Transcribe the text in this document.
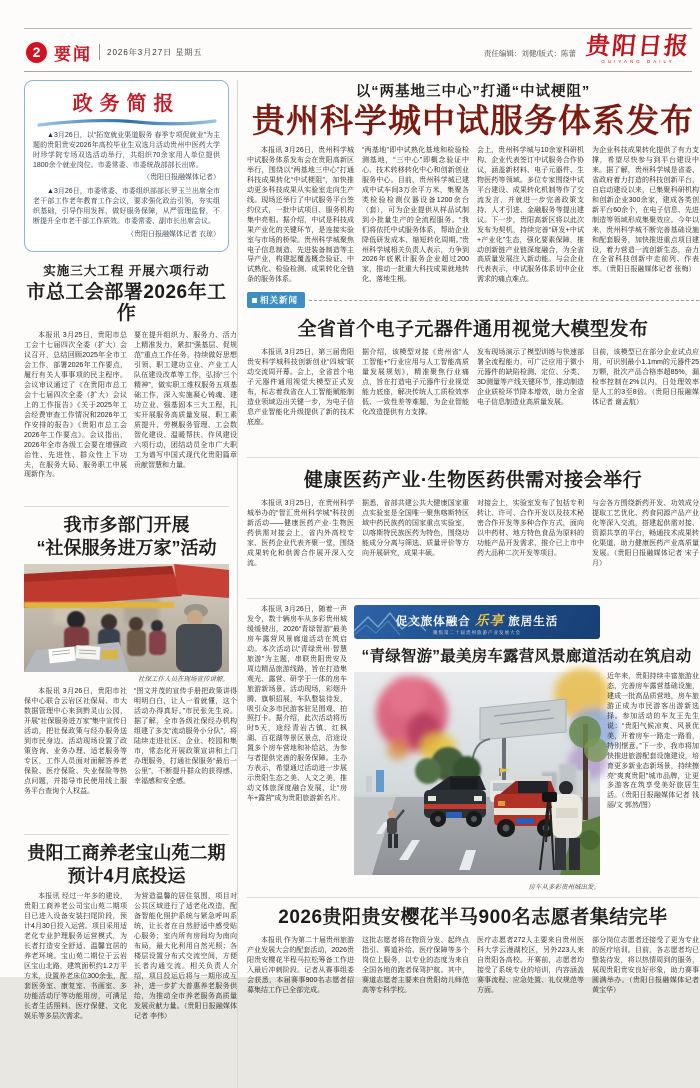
2 要闻 2026年3月27日 星期五	责任编辑：刘健/版式：陈蕾 贵阳日报
GUIYANG DAILY
政务简报
▲3月26日，以“拓宽就业渠道服务 春季专项促就业”为主题的贵阳贵安2026年高校毕业生双选月活动贵州中医药大学时珍学院专场双选活动举行，共组织70余家用人单位提供1800余个就业岗位。市委常委、市委统战部部长出席。
（贵阳日报融媒体记者）
▲3月26日，市委常委、市委组织部部长罗玉兰出席全市老干部工作老年教育工作会议，要求强化政治引领，夯实组织基础，引导作用发挥，做好服务保障，从严管理监督，不断提升全市老干部工作质效。市委常委、副市长出席会议。
（贵阳日报融媒体记者 衣琼）
实施三大工程 开展六项行动
市总工会部署2026年工作
本报讯 3月25日，贵阳市总工会十七届四次全委（扩大）会议召开，总结回顾2025年全市工会工作，部署2026年工作要点，履行有关人事事项的民主程序。会议审议通过了《在贵阳市总工会十七届四次全委（扩大）会议上的工作报告》《关于2025年工会经费审查工作情况和2026年工作安排的报告》《贵阳市总工会2026年工作要点》。会议指出，2026年全市各级工会要在增强政治性、先进性、群众性上下功夫，在服务大局、服务职工中展现新作为。
要在提升组织力、服务力、活力上精准发力，紧扣“强基层、促规范”重点工作任务，持续做好思想引领、职工建功立业、产业工人队伍建设改革等工作，弘扬“三个精神”，做实职工维权服务五项基础工作，深入实施凝心铸魂、建功立业、强基固本三大工程，扎实开展服务高质量发展、职工素质提升、劳模服务管理、工会数智化建设、温暖帮扶、作风建设六项行动，团结动员全市广大职工为谱写中国式现代化贵阳篇章贡献智慧和力量。
我市多部门开展
“社保服务进万家”活动
社保工作人员在现场宣传讲解。
本报讯 3月26日，贵阳市社保中心联合云岩区社保局、市大数据管理中心来到黔灵山公园，开展“社保服务进万家”集中宣传日活动，把社保政策与经办服务送到市民身边。活动现场设置了政策咨询、业务办理、适老服务等专区，工作人员面对面解答养老保险、医疗保险、失业保险等热点问题，并指导市民使用线上服务平台查询个人权益。
“图文并茂的宣传手册把政策讲得明明白白，让人一看就懂，这个活动办得真好。”市民张先生说。据了解，全市各级社保经办机构组建了多支“流动服务小分队”，将陆续走进社区、企业、校园和集市，常态化开展政策宣讲和上门办理服务，打通社保服务“最后一公里”，不断提升群众的获得感、幸福感和安全感。
贵阳工商养老宝山苑二期
预计4月底投运
本报讯 经过一年多的建设，贵阳工商养老公司宝山苑二期项目已进入设备安装扫尾阶段，预计4月30日投入运营。项目采用适老化专业护理服务运营模式，为长者打造安全舒适、温馨宜居的养老环境。宝山苑二期位于云岩区宝山北路，建筑面积约1.2万平方米，设置养老床位300余张，配套医务室、康复室、书画室、多功能活动厅等功能用房，可满足长者生活照料、医疗保健、文化娱乐等多层次需求。
为营造温馨的居住氛围，项目对公共区域进行了适老化改造，配备智能化照护系统与紧急呼叫系统，让长者在自然舒适中感受贴心服务；室内所有房间均为南向布局，最大化利用自然光照；各楼层设置分布式交流空间，方便长者沟通交流。相关负责人介绍，项目投运后将与一期形成互补，进一步扩大普惠养老服务供给，为推动全市养老服务高质量发展贡献力量。（贵阳日报融媒体记者 李伟）
以“两基地三中心”打通“中试梗阻”
贵州科学城中试服务体系发布
本报讯 3月26日，贵州科学城中试服务体系发布会在贵阳高新区举行，围绕以“两基地三中心”打通科技成果转化“中试梗阻”，加快推动更多科技成果从实验室走向生产线。现场还举行了中试服务平台签约仪式，一批中试项目、服务机构集中亮相。据介绍，中试是科技成果产业化的关键环节，是连接实验室与市场的桥梁。贵州科学城聚焦电子信息制造、先进装备制造等主导产业，构建起覆盖概念验证、中试熟化、检验检测、成果转化全链条的服务体系。
“两基地”即中试熟化基地和检验检测基地，“三中心”即概念验证中心、技术转移转化中心和创新创业服务中心。目前，贵州科学城已建成中试车间3万余平方米，集聚各类检验检测仪器设备1200余台（套），可为企业提供从样品试制到小批量生产的全流程服务。“我们将依托中试服务体系，帮助企业降低研发成本、缩短转化周期。”贵州科学城相关负责人表示，力争到2026年底累计服务企业超过200家，推动一批重大科技成果就地转化、落地生根。
会上，贵州科学城与10余家科研机构、企业代表签订中试服务合作协议，涵盖新材料、电子元器件、生物医药等领域。多位专家围绕中试平台建设、成果转化机制等作了交流发言，并就进一步完善政策支持、人才引进、金融服务等提出建议。下一步，贵阳高新区将以此次发布为契机，持续完善“研发+中试+产业化”生态，强化要素保障，推动创新链产业链深度融合，为全省高质量发展注入新动能。与会企业代表表示，中试服务体系切中企业需求的痛点难点。
为企业科技成果转化提供了有力支撑，希望尽快参与到平台建设中来。据了解，贵州科学城是省委、省政府着力打造的科技创新平台，自启动建设以来，已集聚科研机构和创新企业300余家，建成各类创新平台60余个，在电子信息、先进制造等领域形成集聚效应。今年以来，贵州科学城不断完善基础设施和配套服务，加快推进重点项目建设，着力营造一流创新生态，奋力在全省科技创新中走前列、作表率。（贵阳日报融媒体记者 张梅）
相关新闻
全省首个电子元器件通用视觉大模型发布
本报讯 3月25日，第三届贵阳贵安科学城科技创新创业“四城”联动交流周开幕。会上，全省首个电子元器件通用视觉大模型正式发布，标志着我省在人工智能赋能制造业领域迈出关键一步，为电子信息产业智能化升级提供了新的技术底座。
据介绍，该模型对接《贵州省“人工智能+”行业应用与人工智能高质量发展规划》，精准聚焦行业痛点，旨在打造电子元器件行业视觉能力底座，解决传统人工质检效率低、一致性差等难题，为企业智能化改造提供有力支撑。
发布现场演示了模型训练与快速部署全流程能力，可广泛应用于微小元器件的缺陷检测、定位、分类、3D测量等产线关键环节，推动制造企业质检环节降本增效，助力全省电子信息制造业高质量发展。
目前，该模型已在部分企业试点应用，可识别最小1.1mm的元器件25万颗，批次产品合格率超85%，漏检率控制在2%以内，日处理效率是人工的3至8倍。（贵阳日报融媒体记者 谢孟航）
健康医药产业·生物医药供需对接会举行
本报讯 3月25日，在贵州科学城举办的“智汇贵州科学城”科技创新活动——健康医药产业·生物医药供需对接会上，省内外高校专家、医药企业代表齐聚一堂，围绕成果转化和供需合作展开深入交流。
据悉，省部共建公共大健康国家重点实验室是全国唯一聚焦喀斯特区域中药民族药的国家重点实验室，以喀斯特民族医药为特色，围绕功能成分分离与筛选、质量评价等方向开展研究，成果丰硕。
对接会上，实验室发布了包括专利转让、许可、合作开发以及技术秘密合作开发等多种合作方式，面向以中药材、地方特色食品为原料的功能产品开发需求，推介已上市中药大品种二次开发等项目。
与会各方围绕新药开发、功效成分提取工艺优化、药食同源产品产业化等深入交流，搭建起供需对接、资源共享的平台，畅通技术成果转化渠道，助力健康医药产业高质量发展。（贵阳日报融媒体记者 宋子月）
本报讯 3月26日，随着一声发令，数十辆房车从多彩贵州城缓缓驶出，2026“青绿智游”最美房车露营风景廊道活动在筑启动。本次活动以“青绿贵州·智慧旅游”为主题，串联贵阳贵安及周边精品旅游线路，旨在打造集观光、露营、研学于一体的房车旅游新场景。活动现场，彩烟升腾、旗帜招展，车队整装待发，吸引众多市民游客驻足围观、拍照打卡。据介绍，此次活动将历时5天，途经青岩古镇、红枫湖、百花湖等景区景点，沿途设置多个房车营地和补给站，为参与者提供完善的服务保障。主办方表示，希望通过活动进一步展示贵阳生态之美、人文之美，推动文体旅深度融合发展，让“房车+露营”成为贵阳旅游新名片。
促文旅体融合 乐享 旅居生活
聚焦第二十届贵州旅游产业发展大会
“青绿智游”最美房车露营风景廊道活动在筑启动
房车从多彩贵州城出发。
近年来，贵阳持续丰富旅游业态，完善房车露营基础设施，建成一批高品质营地，房车旅游正成为市民游客出游新选择。参加活动的车友王先生说：“贵阳气候凉爽、风景优美，开着房车一路走一路看，特别惬意。”下一步，我市将加快推进旅游配套设施建设，培育更多新业态新场景，持续擦亮“爽爽贵阳”城市品牌，让更多游客在筑享受美好旅居生活。（贵阳日报融媒体记者 钱丽/文 郭然/图）
2026贵阳贵安樱花半马900名志愿者集结完毕
本报讯 作为第二十届贵州旅游产业发展大会的配套活动，2026贵阳贵安樱花半程马拉松筹备工作进入最后冲刺阶段。记者从赛事组委会获悉，本届赛事900名志愿者招募集结工作已全部完成。
这批志愿者将在物资分发、起终点指引、赛道补给、医疗保障等多个岗位上服务，以专业的态度为来自全国各地的跑者保驾护航。其中，赛道志愿者主要来自贵阳幼儿师范高等专科学校。
医疗志愿者272人主要来自贵州医科大学云漫湖校区，另外223人来自贵阳各高校。开赛前，志愿者均接受了系统专业的培训，内容涵盖赛事流程、应急处置、礼仪规范等方面。
部分岗位志愿者还接受了更为专业的医疗培训。目前，各志愿者均已整装待发，将以热情周到的服务，展现贵阳贵安良好形象，助力赛事圆满举办。（贵阳日报融媒体记者 黄宝华）
